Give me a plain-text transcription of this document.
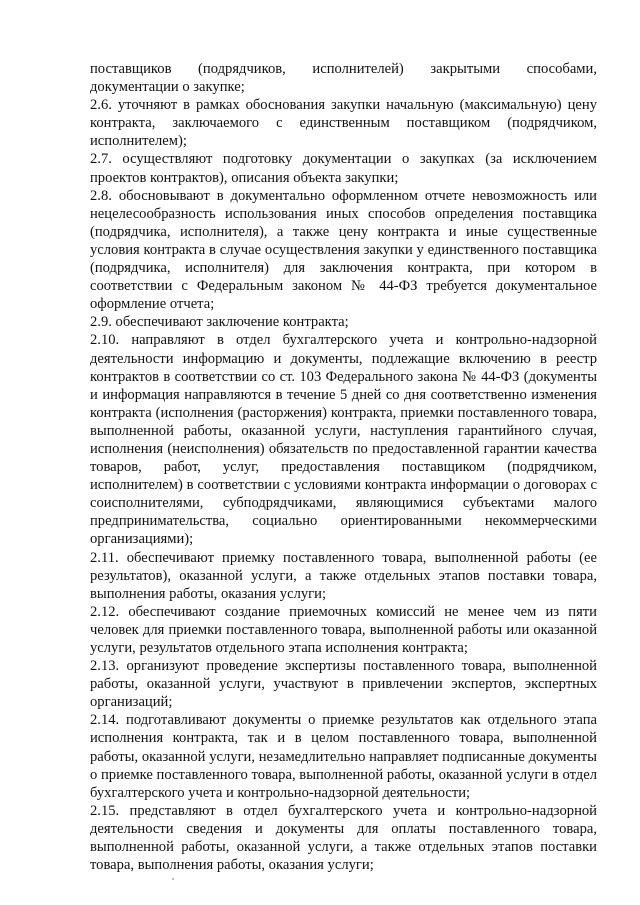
поставщиков (подрядчиков, исполнителей) закрытыми способами, документации о закупке;

2.6. уточняют в рамках обоснования закупки начальную (максимальную) цену контракта, заключаемого с единственным поставщиком (подрядчиком, исполнителем);

2.7. осуществляют подготовку документации о закупках (за исключением проектов контрактов), описания объекта закупки;

2.8. обосновывают в документально оформленном отчете невозможность или нецелесообразность использования иных способов определения поставщика (подрядчика, исполнителя), а также цену контракта и иные существенные условия контракта в случае осуществления закупки у единственного поставщика (подрядчика, исполнителя) для заключения контракта, при котором в соответствии с Федеральным законом № 44-ФЗ требуется документальное оформление отчета;

2.9. обеспечивают заключение контракта;

2.10. направляют в отдел бухгалтерского учета и контрольно-надзорной деятельности информацию и документы, подлежащие включению в реестр контрактов в соответствии со ст. 103 Федерального закона № 44-ФЗ (документы и информация направляются в течение 5 дней со дня соответственно изменения контракта (исполнения (расторжения) контракта, приемки поставленного товара, выполненной работы, оказанной услуги, наступления гарантийного случая, исполнения (неисполнения) обязательств по предоставленной гарантии качества товаров, работ, услуг, предоставления поставщиком (подрядчиком, исполнителем) в соответствии с условиями контракта информации о договорах с соисполнителями, субподрядчиками, являющимися субъектами малого предпринимательства, социально ориентированными некоммерческими организациями);

2.11. обеспечивают приемку поставленного товара, выполненной работы (ее результатов), оказанной услуги, а также отдельных этапов поставки товара, выполнения работы, оказания услуги;

2.12. обеспечивают создание приемочных комиссий не менее чем из пяти человек для приемки поставленного товара, выполненной работы или оказанной услуги, результатов отдельного этапа исполнения контракта;

2.13. организуют проведение экспертизы поставленного товара, выполненной работы, оказанной услуги, участвуют в привлечении экспертов, экспертных организаций;

2.14. подготавливают документы о приемке результатов как отдельного этапа исполнения контракта, так и в целом поставленного товара, выполненной работы, оказанной услуги, незамедлительно направляет подписанные документы о приемке поставленного товара, выполненной работы, оказанной услуги в отдел бухгалтерского учета и контрольно-надзорной деятельности;

2.15. представляют в отдел бухгалтерского учета и контрольно-надзорной деятельности сведения и документы для оплаты поставленного товара, выполненной работы, оказанной услуги, а также отдельных этапов поставки товара, выполнения работы, оказания услуги;
